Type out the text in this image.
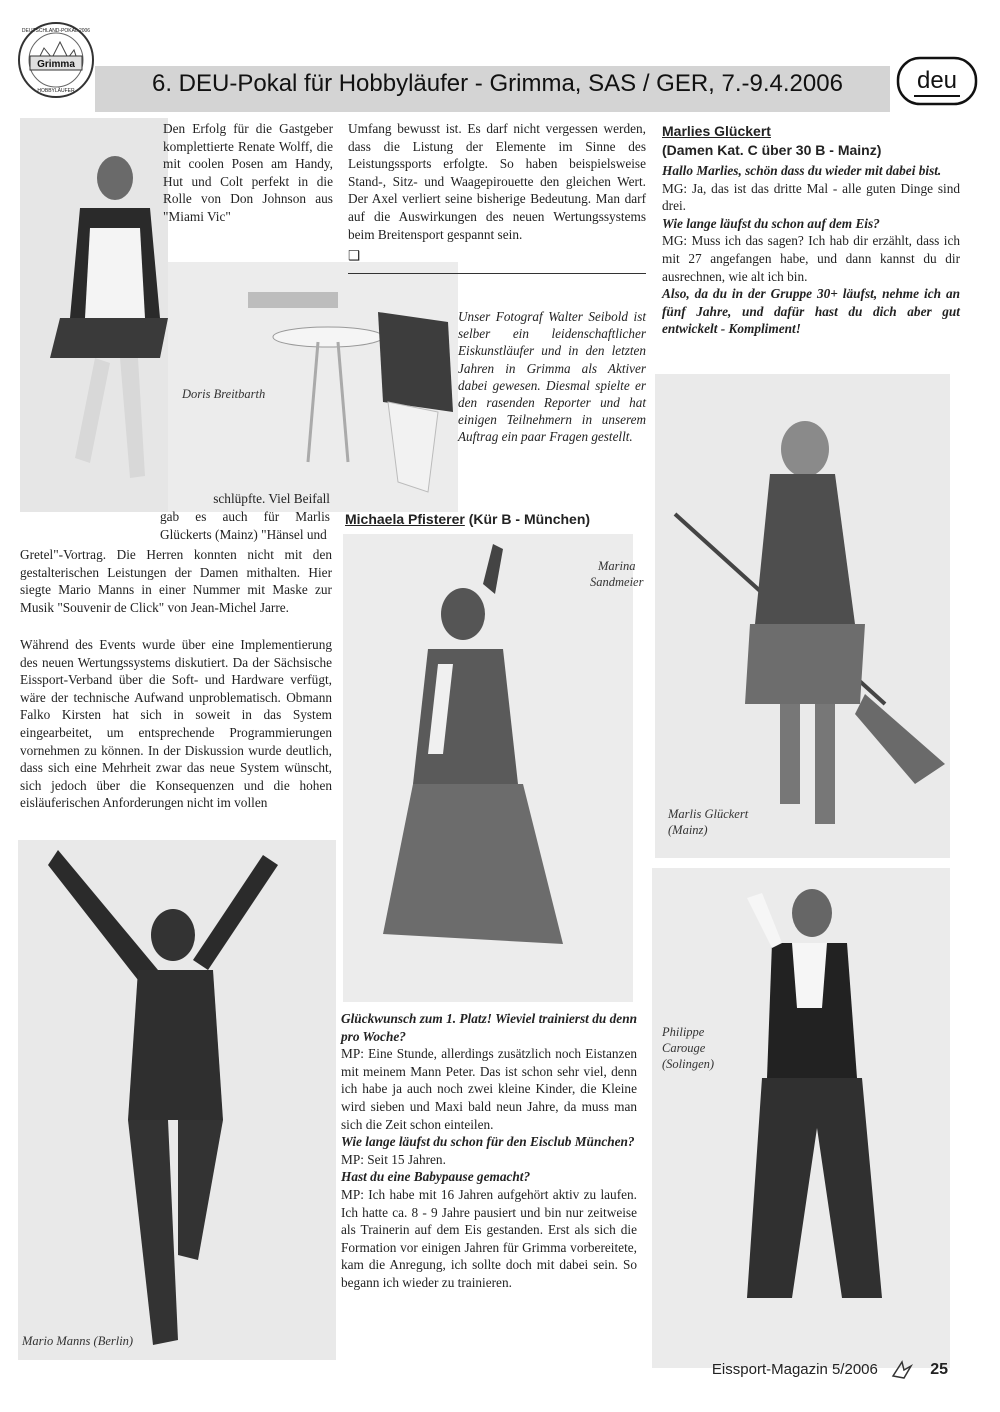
6. DEU-Pokal für Hobbyläufer - Grimma, SAS / GER, 7.-9.4.2006
Grimma
DEUTSCHLAND-POKAL 2006
HOBBYLÄUFER	deu
Doris Breitbarth
Den Erfolg für die Gastgeber komplettierte Renate Wolff, die mit coolen Posen am Handy, Hut und Colt perfekt in die Rolle von Don Johnson aus "Miami Vic"
schlüpfte. Viel Beifall
gab es auch für Marlis Glückerts (Mainz) "Hänsel und
Gretel"-Vortrag. Die Herren konnten nicht mit den gestalterischen Leistungen der Damen mithalten. Hier siegte Mario Manns in einer Nummer mit Maske zur Musik "Souvenir de Click" von Jean-Michel Jarre.
Während des Events wurde über eine Implementierung des neuen Wertungssystems diskutiert. Da der Sächsische Eissport-Verband über die Soft- und Hardware verfügt, wäre der technische Aufwand unproblematisch. Obmann Falko Kirsten hat sich in soweit in das System eingearbeitet, um entsprechende Programmierungen vornehmen zu können. In der Diskussion wurde deutlich, dass sich eine Mehrheit zwar das neue System wünscht, sich jedoch über die Konsequenzen und die hohen eisläuferischen Anforderungen nicht im vollen
Mario Manns (Berlin)
Umfang bewusst ist. Es darf nicht vergessen werden, dass die Listung der Elemente im Sinne des Leistungssports erfolgte. So haben beispielsweise Stand-, Sitz- und Waagepirouette den gleichen Wert. Der Axel verliert seine bisherige Bedeutung. Man darf auf die Auswirkungen des neuen Wertungssystems beim Breitensport gespannt sein.
❑
Unser Fotograf Walter Seibold ist selber ein leidenschaftlicher Eiskunstläufer und in den letzten Jahren in Grimma als Aktiver dabei gewesen. Diesmal spielte er den rasenden Reporter und hat einigen Teilnehmern in unserem Auftrag ein paar Fragen gestellt.
Michaela Pfisterer (Kür B - München)
Marina
Sandmeier

Glückwunsch zum 1. Platz! Wieviel trainierst du denn pro Woche?

MP: Eine Stunde, allerdings zusätzlich noch Eistanzen mit meinem Mann Peter. Das ist schon sehr viel, denn ich habe ja auch noch zwei kleine Kinder, die Kleine wird sieben und Maxi bald neun Jahre, da muss man sich die Zeit schon einteilen.

Wie lange läufst du schon für den Eisclub München?

MP: Seit 15 Jahren.

Hast du eine Babypause gemacht?

MP: Ich habe mit 16 Jahren aufgehört aktiv zu laufen. Ich hatte ca. 8 - 9 Jahre pausiert und bin nur zeitweise als Trainerin auf dem Eis gestanden. Erst als sich die Formation vor einigen Jahren für Grimma vorbereitete, kam die Anregung, ich sollte doch mit dabei sein. So begann ich wieder zu trainieren.

Marlies Glückert
(Damen Kat. C über 30 B - Mainz)

Hallo Marlies, schön dass du wieder mit dabei bist.

MG: Ja, das ist das dritte Mal - alle guten Dinge sind drei.

Wie lange läufst du schon auf dem Eis?

MG: Muss ich das sagen? Ich hab dir erzählt, dass ich mit 27 angefangen habe, und dann kannst du dir ausrechnen, wie alt ich bin.

Also, da du in der Gruppe 30+ läufst, nehme ich an fünf Jahre, und dafür hast du dich aber gut entwickelt - Kompliment!

Marlis Glückert
(Mainz)
Philippe
Carouge
(Solingen)
Eissport-Magazin 5/2006	25
